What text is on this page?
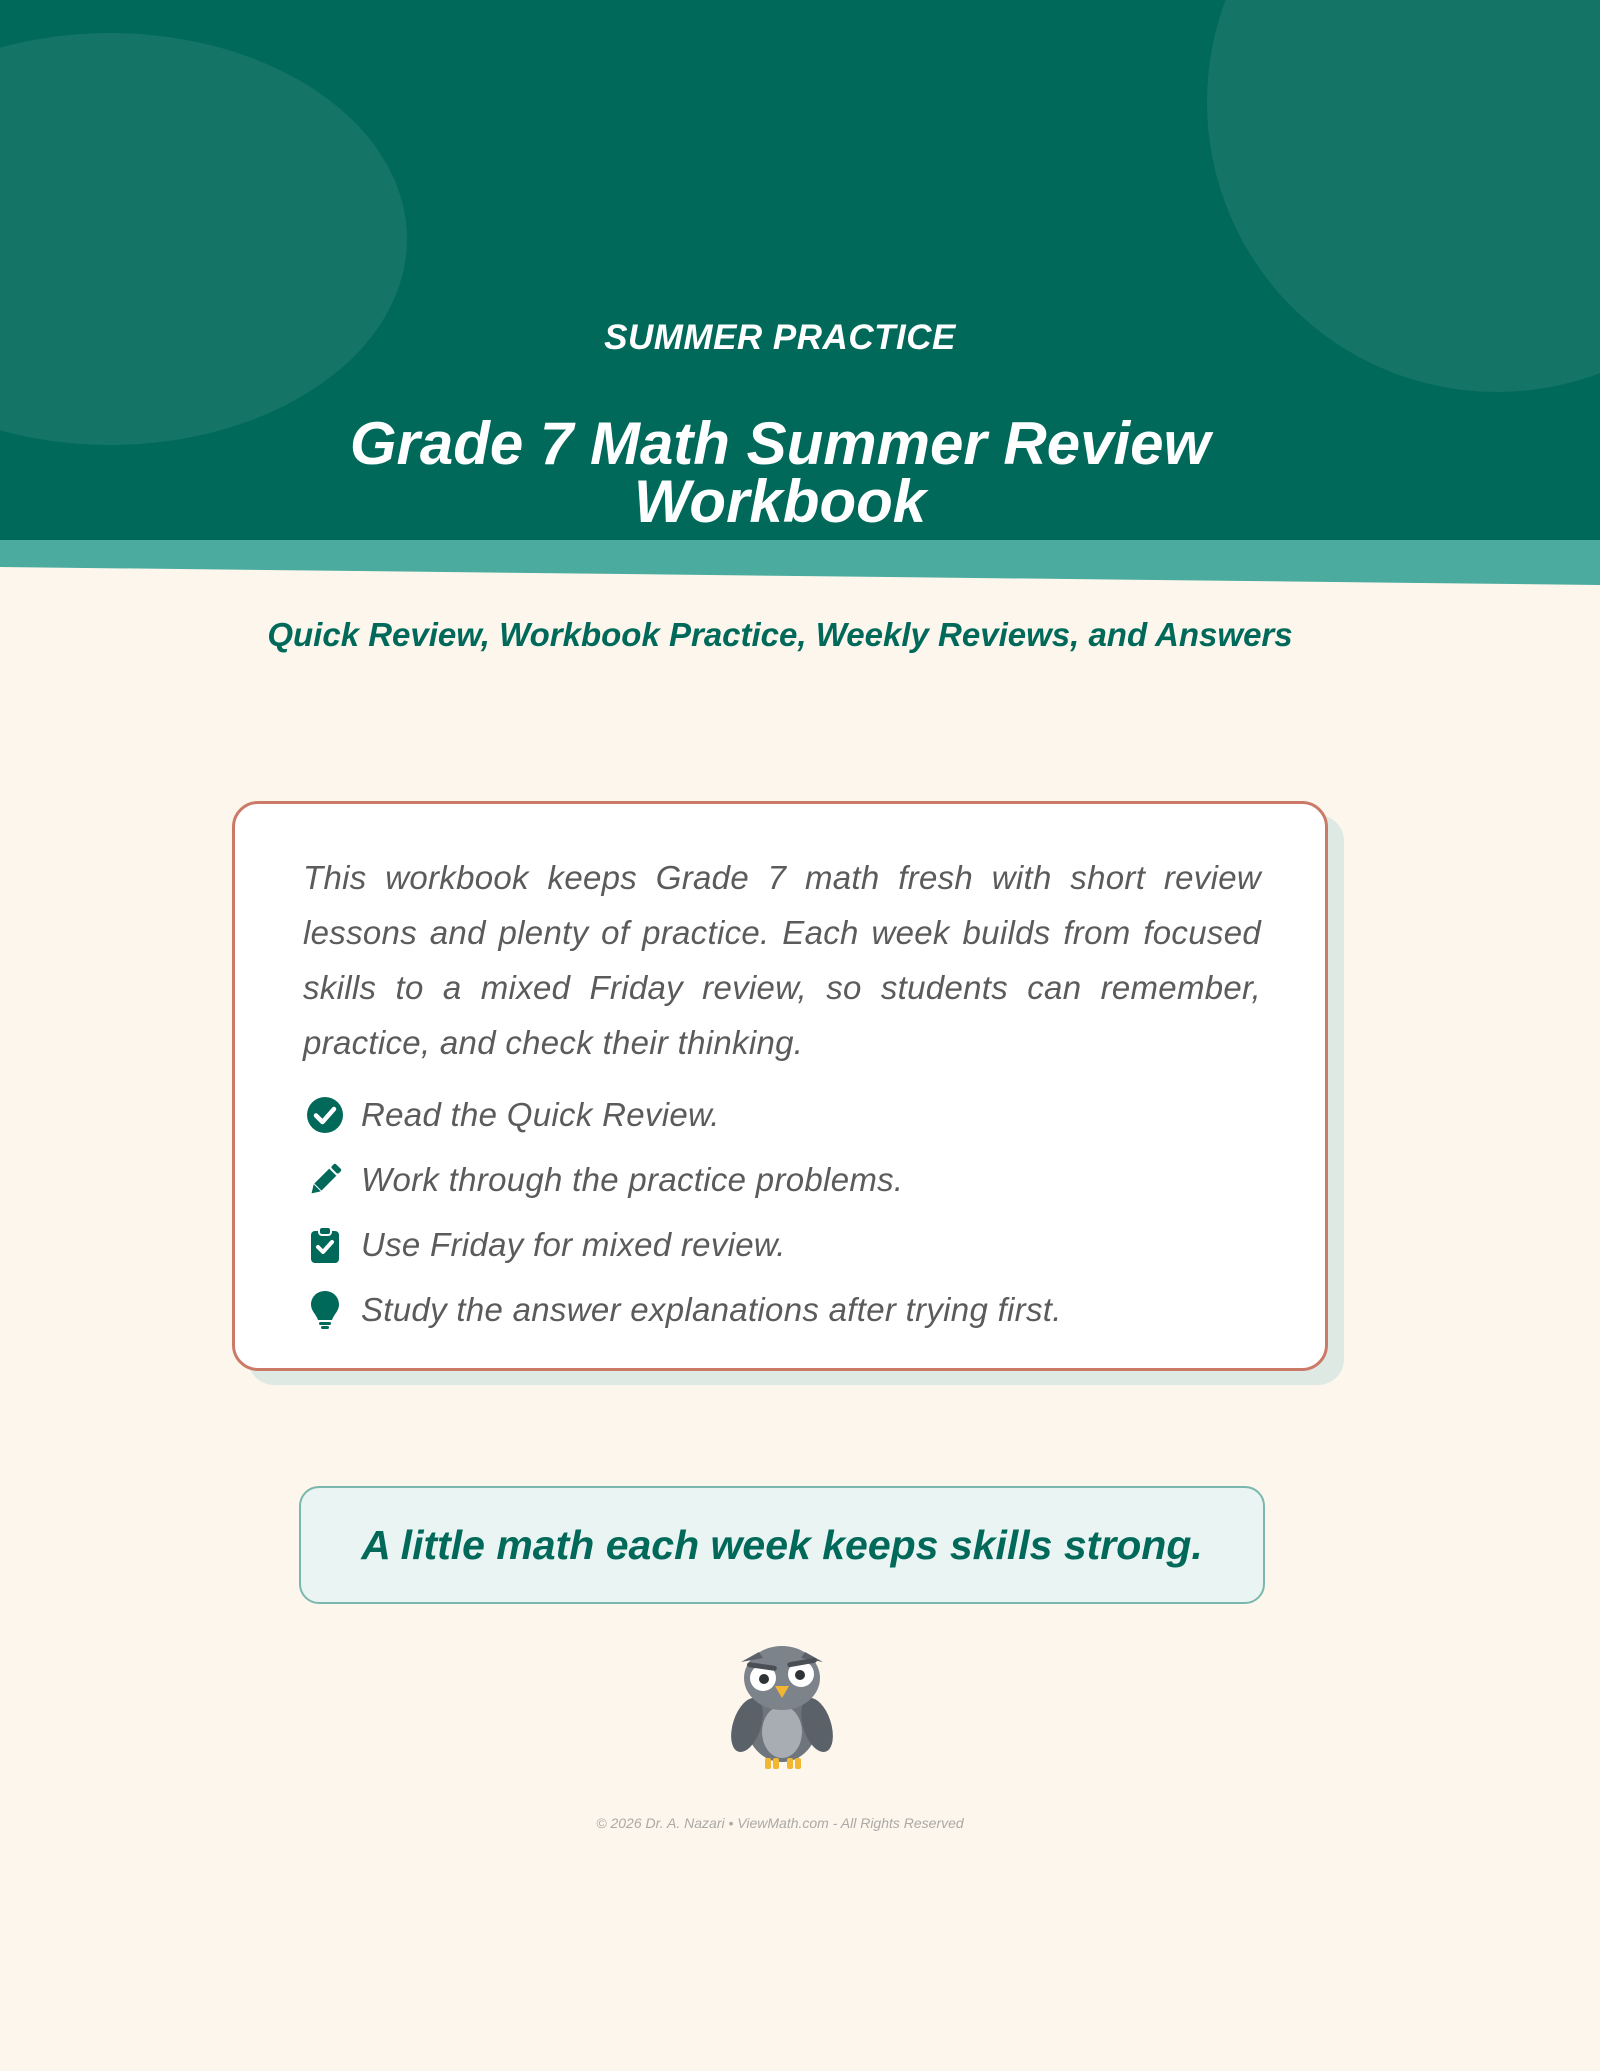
SUMMER PRACTICE
Grade 7 Math Summer Review Workbook
Quick Review, Workbook Practice, Weekly Reviews, and Answers

This workbook keeps Grade 7 math fresh with short review lessons and plenty of practice. Each week builds from focused skills to a mixed Friday review, so students can remember, practice, and check their thinking.

Read the Quick Review.
Work through the practice problems.
Use Friday for mixed review.
Study the answer explanations after trying first.
A little math each week keeps skills strong.
© 2026 Dr. A. Nazari • ViewMath.com - All Rights Reserved
